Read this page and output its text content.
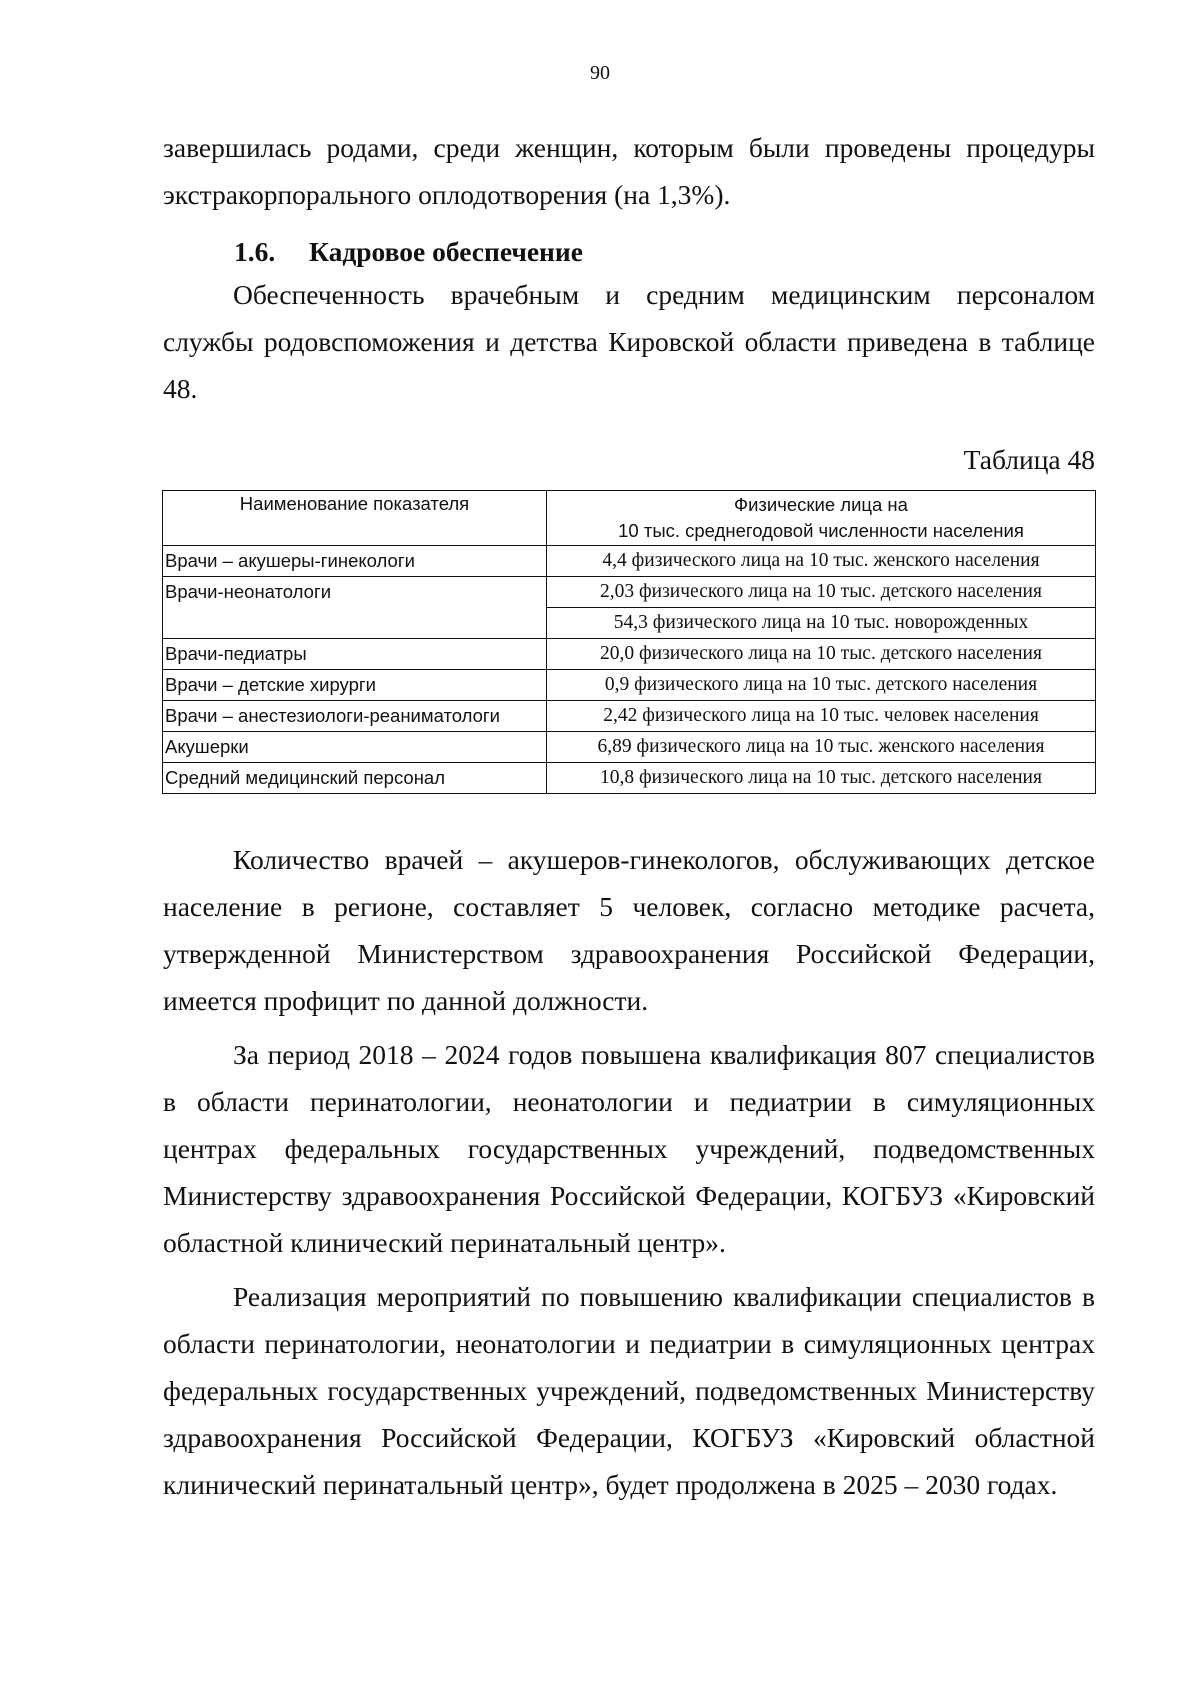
90
завершилась родами, среди женщин, которым были проведены процедуры экстракорпорального оплодотворения (на 1,3%).
1.6. Кадровое обеспечение
Обеспеченность врачебным и средним медицинским персоналом службы родовспоможения и детства Кировской области приведена в таблице 48.
Таблица 48
Наименование показателя	Физические лица на
10 тыс. среднегодовой численности населения

Врачи – акушеры-гинекологи	4,4 физического лица на 10 тыс. женского населения
Врачи-неонатологи	2,03 физического лица на 10 тыс. детского населения
	54,3 физического лица на 10 тыс. новорожденных
Врачи-педиатры	20,0 физического лица на 10 тыс. детского населения
Врачи – детские хирурги	0,9 физического лица на 10 тыс. детского населения
Врачи – анестезиологи-реаниматологи	2,42 физического лица на 10 тыс. человек населения
Акушерки	6,89 физического лица на 10 тыс. женского населения
Средний медицинский персонал	10,8 физического лица на 10 тыс. детского населения
Количество врачей – акушеров-гинекологов, обслуживающих детское население в регионе, составляет 5 человек, согласно методике расчета, утвержденной Министерством здравоохранения Российской Федерации, имеется профицит по данной должности.
За период 2018 – 2024 годов повышена квалификация 807 специалистов в области перинатологии, неонатологии и педиатрии в симуляционных центрах федеральных государственных учреждений, подведомственных Министерству здравоохранения Российской Федерации, КОГБУЗ «Кировский областной клинический перинатальный центр».
Реализация мероприятий по повышению квалификации специалистов в области перинатологии, неонатологии и педиатрии в симуляционных центрах федеральных государственных учреждений, подведомственных Министерству здравоохранения Российской Федерации, КОГБУЗ «Кировский областной клинический перинатальный центр», будет продолжена в 2025 – 2030 годах.
